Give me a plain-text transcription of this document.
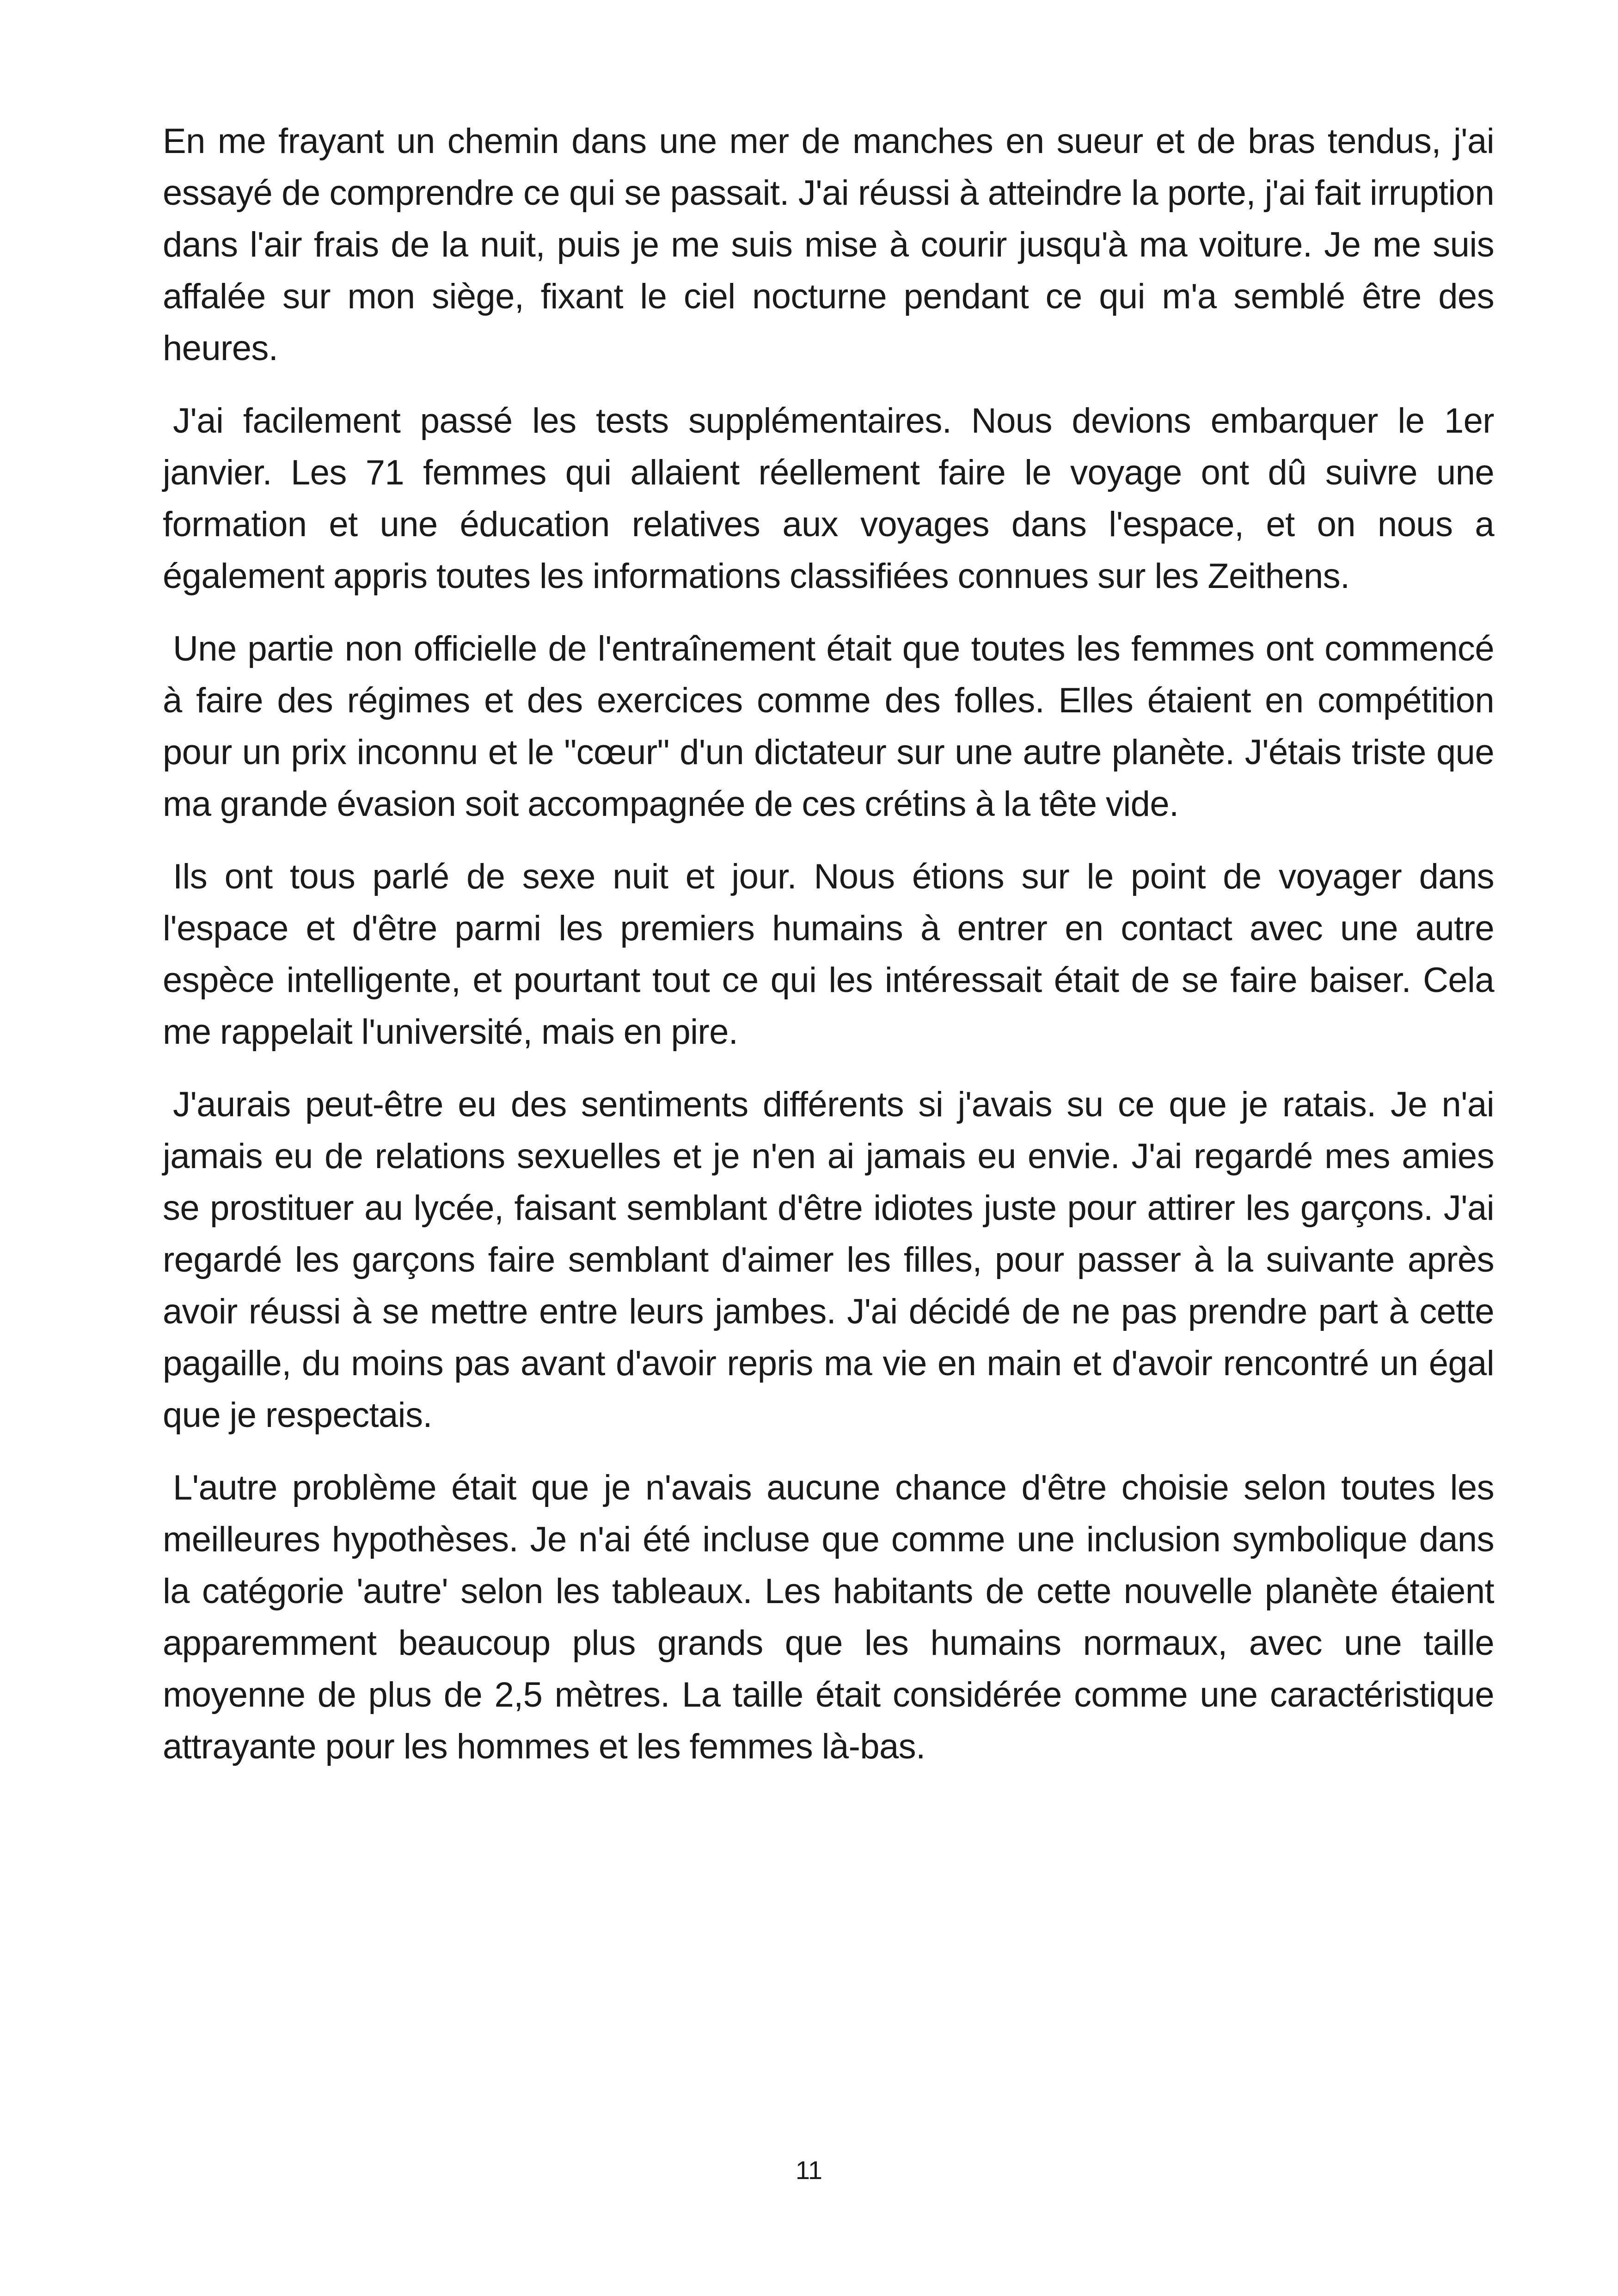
En me frayant un chemin dans une mer de manches en sueur et de bras tendus, j'ai essayé de comprendre ce qui se passait. J'ai réussi à atteindre la porte, j'ai fait irruption dans l'air frais de la nuit, puis je me suis mise à courir jusqu'à ma voiture. Je me suis affalée sur mon siège, fixant le ciel nocturne pendant ce qui m'a semblé être des heures.

J'ai facilement passé les tests supplémentaires. Nous devions embarquer le 1er janvier. Les 71 femmes qui allaient réellement faire le voyage ont dû suivre une formation et une éducation relatives aux voyages dans l'espace, et on nous a également appris toutes les informations classifiées connues sur les Zeithens.

Une partie non officielle de l'entraînement était que toutes les femmes ont commencé à faire des régimes et des exercices comme des folles. Elles étaient en compétition pour un prix inconnu et le "cœur" d'un dictateur sur une autre planète. J'étais triste que ma grande évasion soit accompagnée de ces crétins à la tête vide.

Ils ont tous parlé de sexe nuit et jour. Nous étions sur le point de voyager dans l'espace et d'être parmi les premiers humains à entrer en contact avec une autre espèce intelligente, et pourtant tout ce qui les intéressait était de se faire baiser. Cela me rappelait l'université, mais en pire.

J'aurais peut-être eu des sentiments différents si j'avais su ce que je ratais. Je n'ai jamais eu de relations sexuelles et je n'en ai jamais eu envie. J'ai regardé mes amies se prostituer au lycée, faisant semblant d'être idiotes juste pour attirer les garçons. J'ai regardé les garçons faire semblant d'aimer les filles, pour passer à la suivante après avoir réussi à se mettre entre leurs jambes. J'ai décidé de ne pas prendre part à cette pagaille, du moins pas avant d'avoir repris ma vie en main et d'avoir rencontré un égal que je respectais.

L'autre problème était que je n'avais aucune chance d'être choisie selon toutes les meilleures hypothèses. Je n'ai été incluse que comme une inclusion symbolique dans la catégorie 'autre' selon les tableaux. Les habitants de cette nouvelle planète étaient apparemment beaucoup plus grands que les humains normaux, avec une taille moyenne de plus de 2,5 mètres. La taille était considérée comme une caractéristique attrayante pour les hommes et les femmes là-bas.

11
